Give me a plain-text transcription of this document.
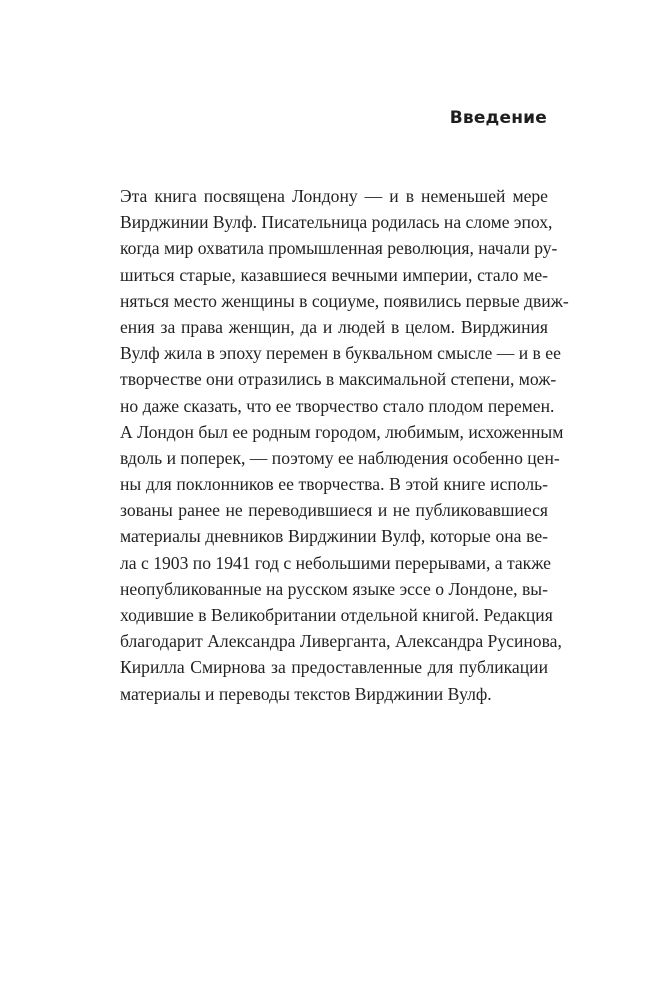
Введение
Эта книга посвящена Лондону — и в неменьшей мере
Вирджинии Вулф. Писательница родилась на сломе эпох,
когда мир охватила промышленная революция, начали ру-
шиться старые, казавшиеся вечными империи, стало ме-
няться место женщины в социуме, появились первые движ-
ения за права женщин, да и людей в целом. Вирджиния
Вулф жила в эпоху перемен в буквальном смысле — и в ее
творчестве они отразились в максимальной степени, мож-
но даже сказать, что ее творчество стало плодом перемен.
А Лондон был ее родным городом, любимым, исхоженным
вдоль и поперек, — поэтому ее наблюдения особенно цен-
ны для поклонников ее творчества. В этой книге исполь-
зованы ранее не переводившиеся и не публиковавшиеся
материалы дневников Вирджинии Вулф, которые она ве-
ла с 1903 по 1941 год с небольшими перерывами, а также
неопубликованные на русском языке эссе о Лондоне, вы-
ходившие в Великобритании отдельной книгой. Редакция
благодарит Александра Ливерганта, Александра Русинова,
Кирилла Смирнова за предоставленные для публикации
материалы и переводы текстов Вирджинии Вулф.
